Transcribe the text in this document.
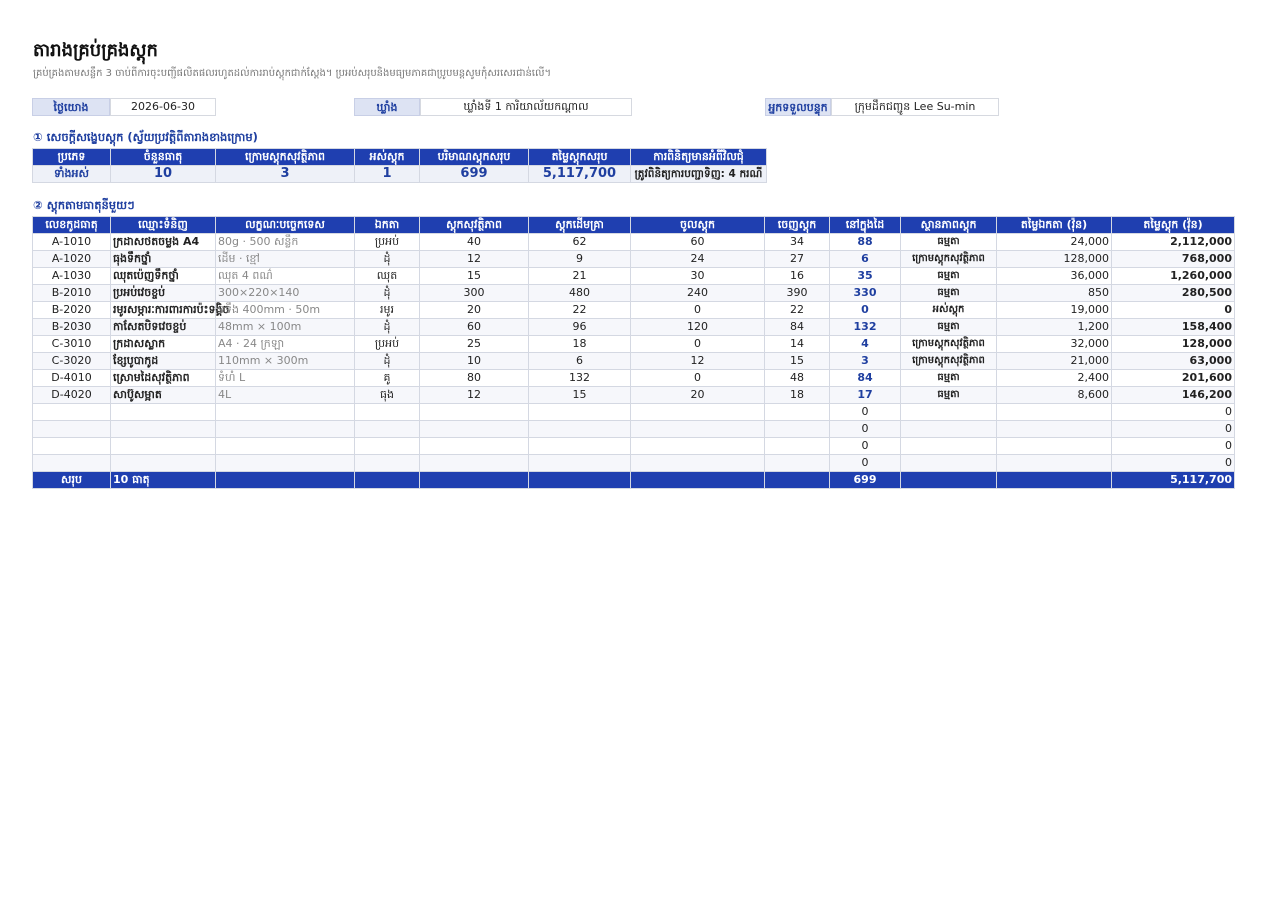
តារាងគ្រប់គ្រងស្តុក
គ្រប់គ្រងតាមសន្លឹក 3 ចាប់ពីការចុះបញ្ជីផលិតផលរហូតដល់ការរាប់ស្តុកជាក់ស្តែង។ ប្រអប់សរុបនិងមធ្យមភាគជាប្រូបមន្តសូមកុំសរសេរជាន់លើ។
ថ្ងៃយោង	2026-06-30	ឃ្លាំង	ឃ្លាំងទី 1 ការិយាល័យកណ្តាល	អ្នកទទួលបន្ទុក	ក្រុមដឹកជញ្ជូន Lee Su-min
① សេចក្តីសង្ខេបស្តុក (ស្វ័យប្រវត្តិពីតារាងខាងក្រោម)
ប្រភេទ	ចំនួនធាតុ	ក្រោមស្តុកសុវត្ថិភាព	អស់ស្តុក	បរិមាណស្តុកសរុប	តម្លៃស្តុកសរុប	ការពិនិត្យមានអំពីវិលជុំ
ទាំងអស់	10	3	1	699	5,117,700	ត្រូវពិនិត្យការបញ្ជាទិញ: 4 ករណី
② ស្តុកតាមធាតុនីមួយៗ
លេខកូដធាតុ	ឈ្មោះទំនិញ	លក្ខណៈបច្ចេកទេស	ឯកតា	ស្តុកសុវត្ថិភាព	ស្តុកដើមគ្រា	ចូលស្តុក	ចេញស្តុក	នៅក្នុងដៃ	ស្ថានភាពស្តុក	តម្លៃឯកតា (វ៉ុន)	តម្លៃស្តុក (វ៉ុន)
A-1010	ក្រដាសថតចម្លង A4	80g · 500 សន្លឹក	ប្រអប់	40	62	60	34	88	ធម្មតា	24,000	2,112,000
A-1020	ធុងទឹកថ្នាំ	ដើម · ខ្មៅ	ដុំ	12	9	24	27	6	ក្រោមស្តុកសុវត្ថិភាព	128,000	768,000
A-1030	ឈុតប៉េញទឹកថ្នាំ	ឈុត 4 ពណ៌	ឈុត	15	21	30	16	35	ធម្មតា	36,000	1,260,000
B-2010	ប្រអប់វេចខ្ចប់	300×220×140	ដុំ	300	480	240	390	330	ធម្មតា	850	280,500
B-2020	រមូរសម្ភារៈការពារការប៉ះទង្គិច	ទទឹង 400mm · 50m	រមូរ	20	22	0	22	0	អស់ស្តុក	19,000	0
B-2030	កាសែតបិទវេចខ្ចប់	48mm × 100m	ដុំ	60	96	120	84	132	ធម្មតា	1,200	158,400
C-3010	ក្រដាសស្លាក	A4 · 24 ក្រឡា	ប្រអប់	25	18	0	14	4	ក្រោមស្តុកសុវត្ថិភាព	32,000	128,000
C-3020	ខ្សែបូបាកូដ	110mm × 300m	ដុំ	10	6	12	15	3	ក្រោមស្តុកសុវត្ថិភាព	21,000	63,000
D-4010	ស្រោមដៃសុវត្ថិភាព	ទំហំ L	គូ	80	132	0	48	84	ធម្មតា	2,400	201,600
D-4020	សាប៊ូសម្អាត	4L	ធុង	12	15	20	18	17	ធម្មតា	8,600	146,200
								0			0
								0			0
								0			0
								0			0
សរុប	10 ធាតុ							699			5,117,700
